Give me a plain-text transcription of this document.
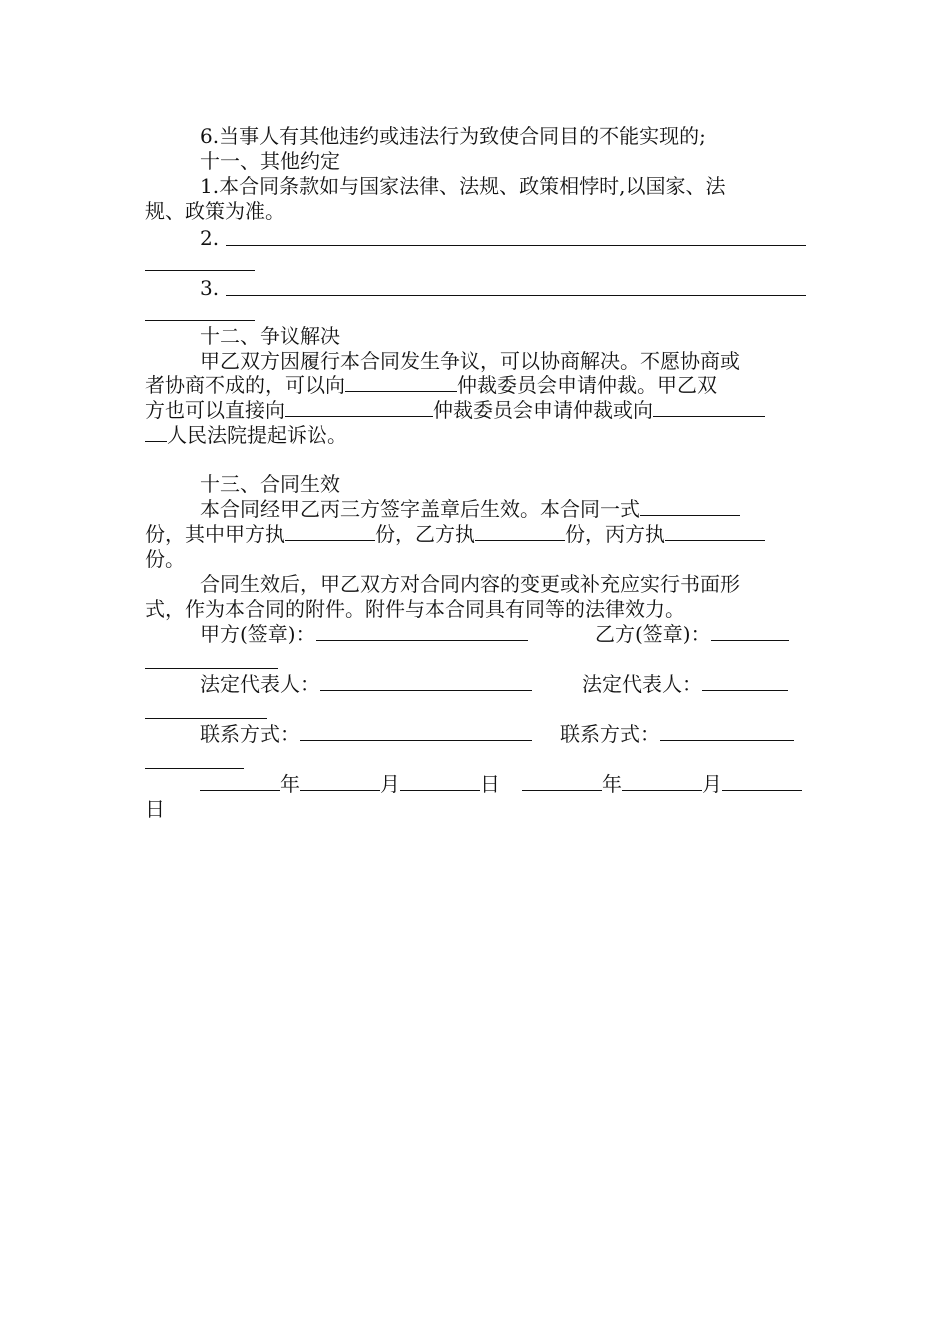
6.当事人有其他违约或违法行为致使合同目的不能实现的;
十一、其他约定
1.本合同条款如与国家法律、法规、政策相悖时,以国家、法
规、政策为准。
2.
3.
十二、争议解决
甲乙双方因履行本合同发生争议，可以协商解决。不愿协商或
者协商不成的，可以向	仲裁委员会申请仲裁。甲乙双
方也可以直接向	仲裁委员会申请仲裁或向
人民法院提起诉讼。
十三、合同生效
本合同经甲乙丙三方签字盖章后生效。本合同一式
份，其中甲方执	份，乙方执	份，丙方执
份。
合同生效后，甲乙双方对合同内容的变更或补充应实行书面形
式，作为本合同的附件。附件与本合同具有同等的法律效力。
甲方(签章)：	乙方(签章)：
法定代表人：	法定代表人：
联系方式：	联系方式：
年	月	日	年	月
日
